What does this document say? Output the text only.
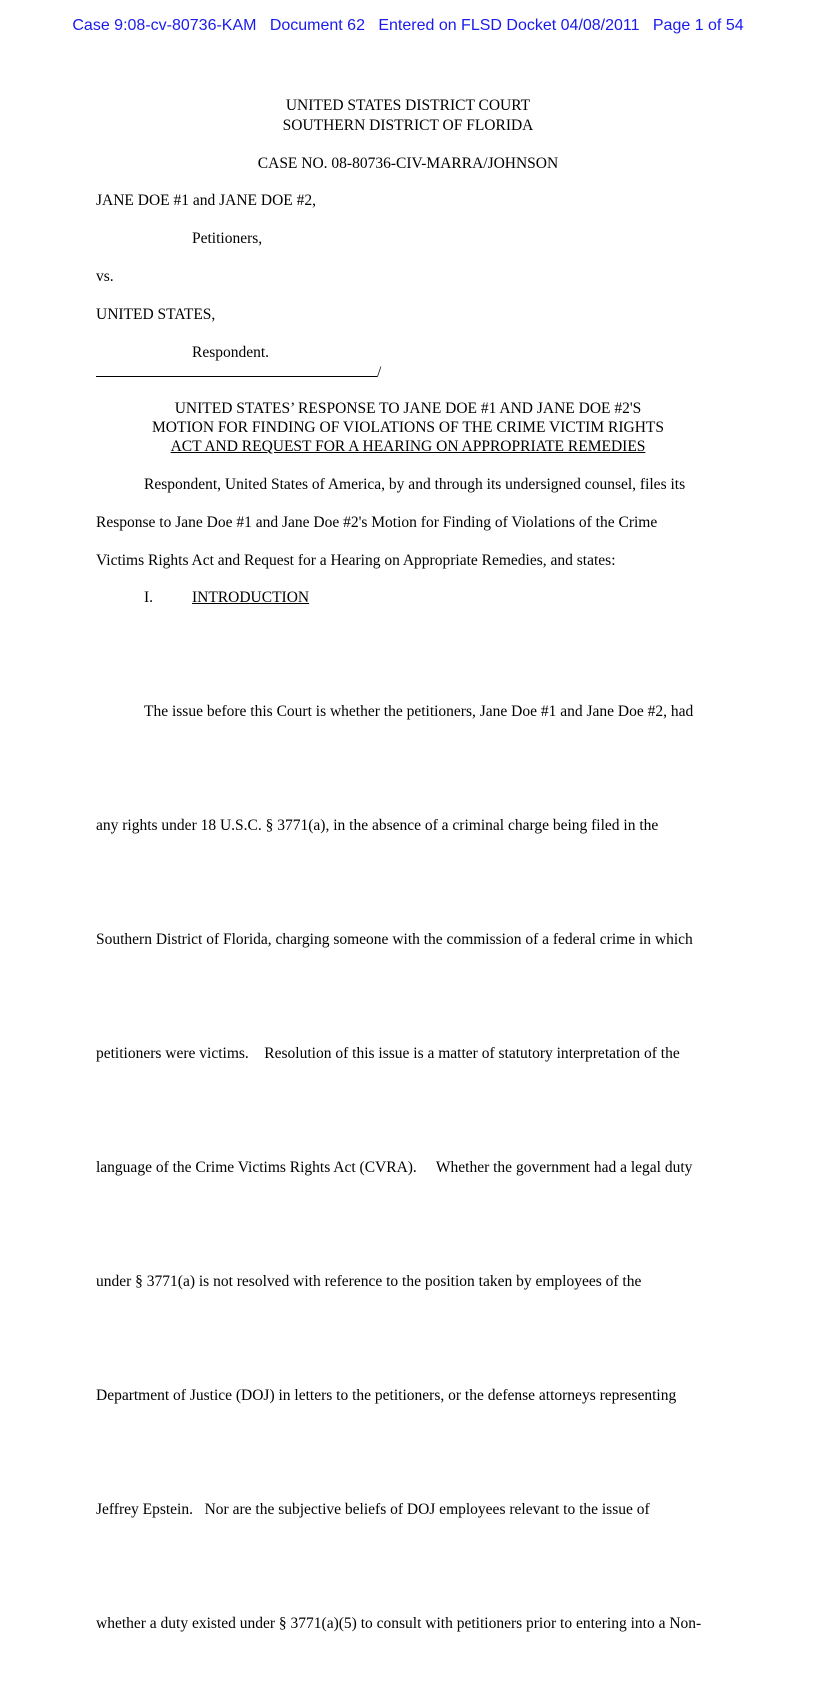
Case 9:08-cv-80736-KAM Document 62 Entered on FLSD Docket 04/08/2011 Page 1 of 54
UNITED STATES DISTRICT COURT
SOUTHERN DISTRICT OF FLORIDA
CASE NO. 08-80736-CIV-MARRA/JOHNSON
JANE DOE #1 and JANE DOE #2,
Petitioners,
vs.
UNITED STATES,
Respondent.
/
UNITED STATES’ RESPONSE TO JANE DOE #1 AND JANE DOE #2'S
MOTION FOR FINDING OF VIOLATIONS OF THE CRIME VICTIM RIGHTS
ACT AND REQUEST FOR A HEARING ON APPROPRIATE REMEDIES
Respondent, United States of America, by and through its undersigned counsel, files its
Response to Jane Doe #1 and Jane Doe #2's Motion for Finding of Violations of the Crime
Victims Rights Act and Request for a Hearing on Appropriate Remedies, and states:
I.	INTRODUCTION

The issue before this Court is whether the petitioners, Jane Doe #1 and Jane Doe #2, had

any rights under 18 U.S.C. § 3771(a), in the absence of a criminal charge being filed in the

Southern District of Florida, charging someone with the commission of a federal crime in which

petitioners were victims.    Resolution of this issue is a matter of statutory interpretation of the

language of the Crime Victims Rights Act (CVRA).     Whether the government had a legal duty

under § 3771(a) is not resolved with reference to the position taken by employees of the

Department of Justice (DOJ) in letters to the petitioners, or the defense attorneys representing

Jeffrey Epstein.   Nor are the subjective beliefs of DOJ employees relevant to the issue of

whether a duty existed under § 3771(a)(5) to consult with petitioners prior to entering into a Non-
